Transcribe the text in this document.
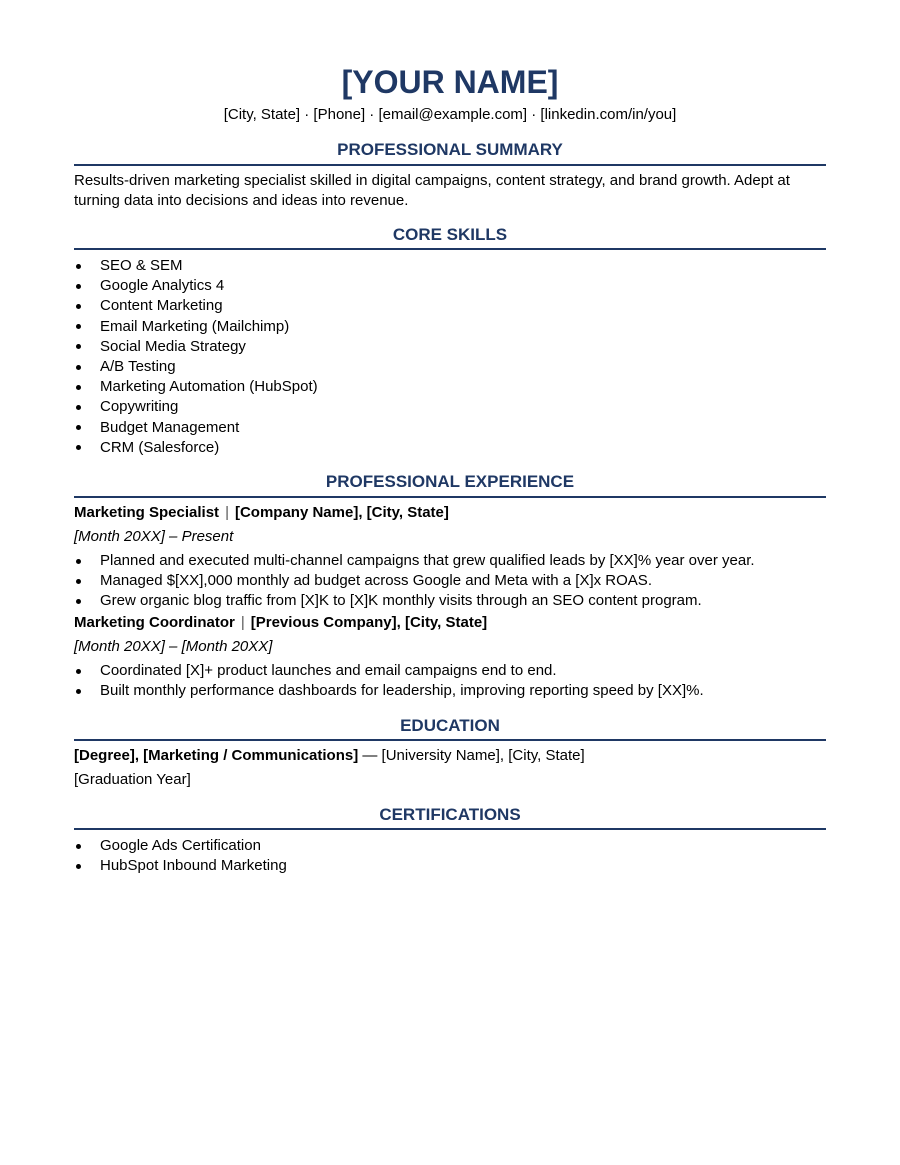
[YOUR NAME]
[City, State] · [Phone] · [email@example.com] · [linkedin.com/in/you]
PROFESSIONAL SUMMARY

Results-driven marketing specialist skilled in digital campaigns, content strategy, and brand growth. Adept at turning data into decisions and ideas into revenue.

CORE SKILLS
SEO & SEM
Google Analytics 4
Content Marketing
Email Marketing (Mailchimp)
Social Media Strategy
A/B Testing
Marketing Automation (HubSpot)
Copywriting
Budget Management
CRM (Salesforce)
PROFESSIONAL EXPERIENCE
Marketing Specialist | [Company Name], [City, State]
[Month 20XX] – Present
Planned and executed multi-channel campaigns that grew qualified leads by [XX]% year over year.
Managed $[XX],000 monthly ad budget across Google and Meta with a [X]x ROAS.
Grew organic blog traffic from [X]K to [X]K monthly visits through an SEO content program.
Marketing Coordinator | [Previous Company], [City, State]
[Month 20XX] – [Month 20XX]
Coordinated [X]+ product launches and email campaigns end to end.
Built monthly performance dashboards for leadership, improving reporting speed by [XX]%.
EDUCATION
[Degree], [Marketing / Communications] — [University Name], [City, State]
[Graduation Year]
CERTIFICATIONS
Google Ads Certification
HubSpot Inbound Marketing
